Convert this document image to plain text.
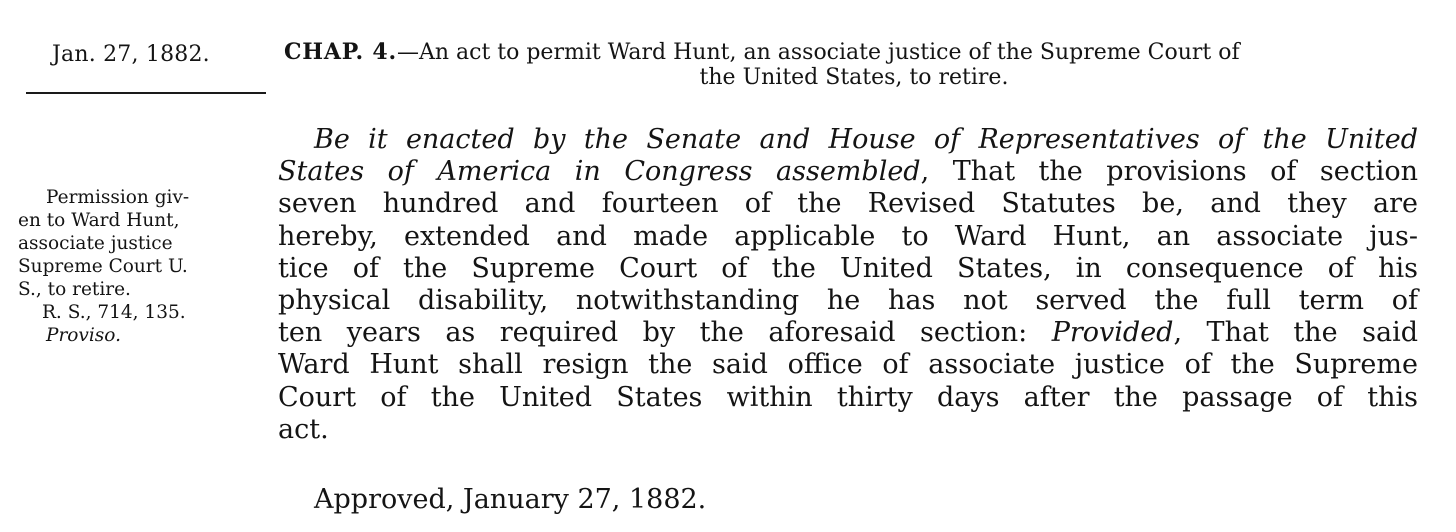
Jan. 27, 1882.
Permission giv-
en to Ward Hunt,
associate justice
Supreme Court U.
S., to retire.
R. S., 714, 135.
Proviso.
CHAP. 4.—An act to permit Ward Hunt, an associate justice of the Supreme Court of
the United States, to retire.
Be it enacted by the Senate and House of Representatives of the United
States of America in Congress assembled, That the provisions of section
seven hundred and fourteen of the Revised Statutes be, and they are
hereby, extended and made applicable to Ward Hunt, an associate jus-
tice of the Supreme Court of the United States, in consequence of his
physical disability, notwithstanding he has not served the full term of
ten years as required by the aforesaid section: Provided, That the said
Ward Hunt shall resign the said office of associate justice of the Supreme
Court of the United States within thirty days after the passage of this
act.
Approved, January 27, 1882.
